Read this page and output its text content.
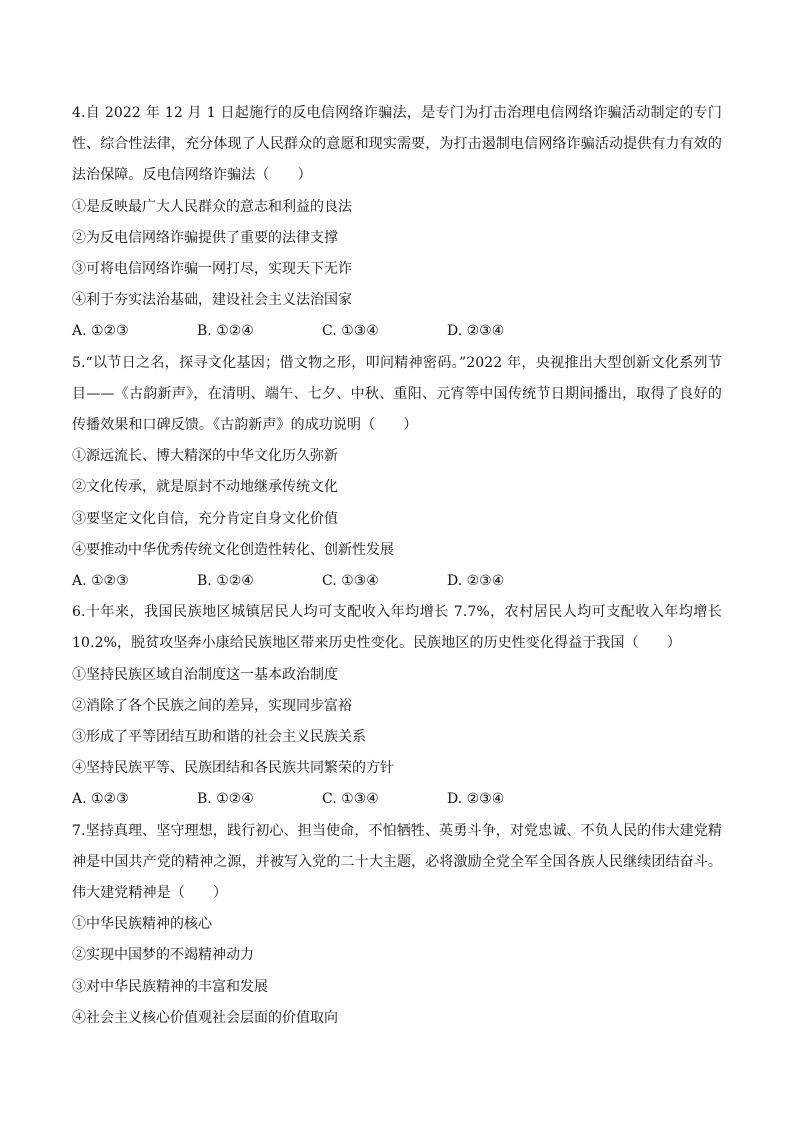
4.自 2022 年 12 月 1 日起施行的反电信网络诈骗法，是专门为打击治理电信网络诈骗活动制定的专门性、综合性法律，充分体现了人民群众的意愿和现实需要，为打击遏制电信网络诈骗活动提供有力有效的法治保障。反电信网络诈骗法（　　）

①是反映最广大人民群众的意志和利益的良法

②为反电信网络诈骗提供了重要的法律支撑

③可将电信网络诈骗一网打尽，实现天下无诈

④利于夯实法治基础，建设社会主义法治国家

A. ①②③	B. ①②④	C. ①③④	D. ②③④

5.“以节日之名，探寻文化基因；借文物之形，叩问精神密码。”2022 年，央视推出大型创新文化系列节目——《古韵新声》，在清明、端午、七夕、中秋、重阳、元宵等中国传统节日期间播出，取得了良好的传播效果和口碑反馈。《古韵新声》的成功说明（　　）

①源远流长、博大精深的中华文化历久弥新

②文化传承，就是原封不动地继承传统文化

③要坚定文化自信，充分肯定自身文化价值

④要推动中华优秀传统文化创造性转化、创新性发展

A. ①②③	B. ①②④	C. ①③④	D. ②③④

6.十年来，我国民族地区城镇居民人均可支配收入年均增长 7.7%，农村居民人均可支配收入年均增长 10.2%，脱贫攻坚奔小康给民族地区带来历史性变化。民族地区的历史性变化得益于我国（　　）

①坚持民族区域自治制度这一基本政治制度

②消除了各个民族之间的差异，实现同步富裕

③形成了平等团结互助和谐的社会主义民族关系

④坚持民族平等、民族团结和各民族共同繁荣的方针

A. ①②③	B. ①②④	C. ①③④	D. ②③④

7.坚持真理、坚守理想，践行初心、担当使命，不怕牺牲、英勇斗争，对党忠诚、不负人民的伟大建党精神是中国共产党的精神之源，并被写入党的二十大主题，必将激励全党全军全国各族人民继续团结奋斗。伟大建党精神是（　　）

①中华民族精神的核心

②实现中国梦的不竭精神动力

③对中华民族精神的丰富和发展

④社会主义核心价值观社会层面的价值取向
